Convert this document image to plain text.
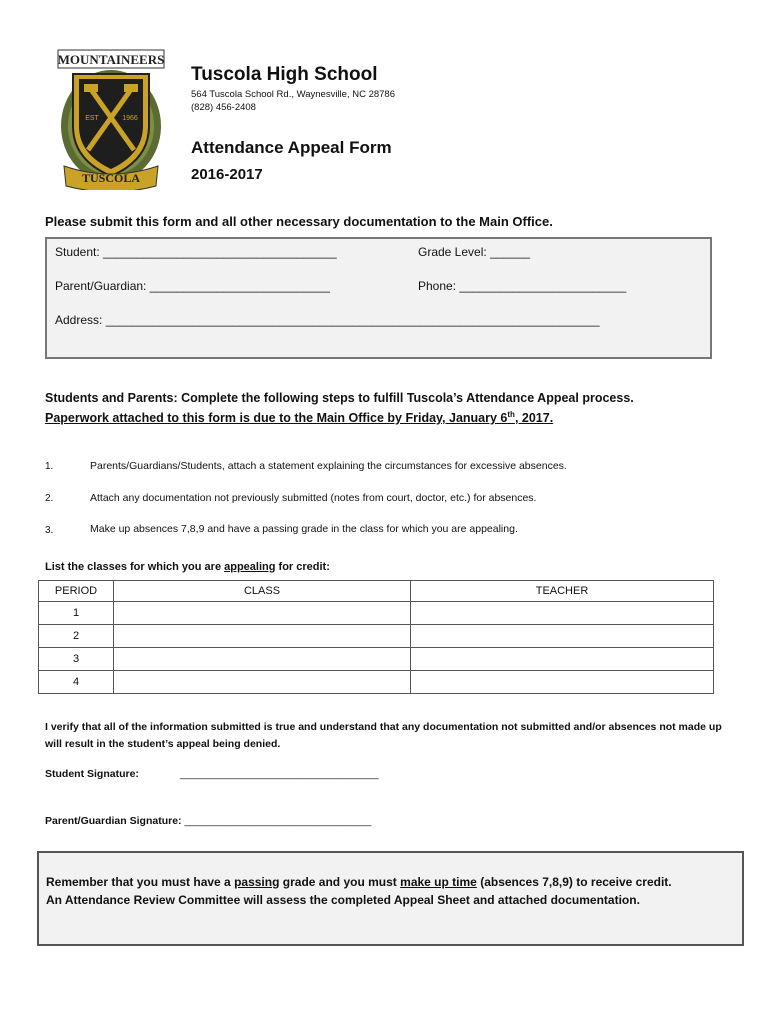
MOUNTAINEERS
EST	1966
TUSCOLA
Tuscola High School
564 Tuscola School Rd., Waynesville, NC 28786
(828) 456-2408
Attendance Appeal Form
2016-2017
Please submit this form and all other necessary documentation to the Main Office.
Student: ___________________________________	Grade Level: ______
Parent/Guardian: ___________________________	Phone: _________________________
Address: __________________________________________________________________________
Students and Parents: Complete the following steps to fulfill Tuscola’s Attendance Appeal process.
Paperwork attached to this form is due to the Main Office by Friday, January 6th, 2017.
1.	Parents/Guardians/Students, attach a statement explaining the circumstances for excessive absences.
2.	Attach any documentation not previously submitted (notes from court, doctor, etc.) for absences.
3.	Make up absences 7,8,9 and have a passing grade in the class for which you are appealing.
List the classes for which you are appealing for credit:
PERIOD	CLASS	TEACHER
1		
2		
3		
4		
I verify that all of the information submitted is true and understand that any documentation not submitted and/or absences not made up will result in the student’s appeal being denied.
Student Signature:	__________________________________
Parent/Guardian Signature: ________________________________
Remember that you must have a passing grade and you must make up time (absences 7,8,9) to receive credit.
An Attendance Review Committee will assess the completed Appeal Sheet and attached documentation.
